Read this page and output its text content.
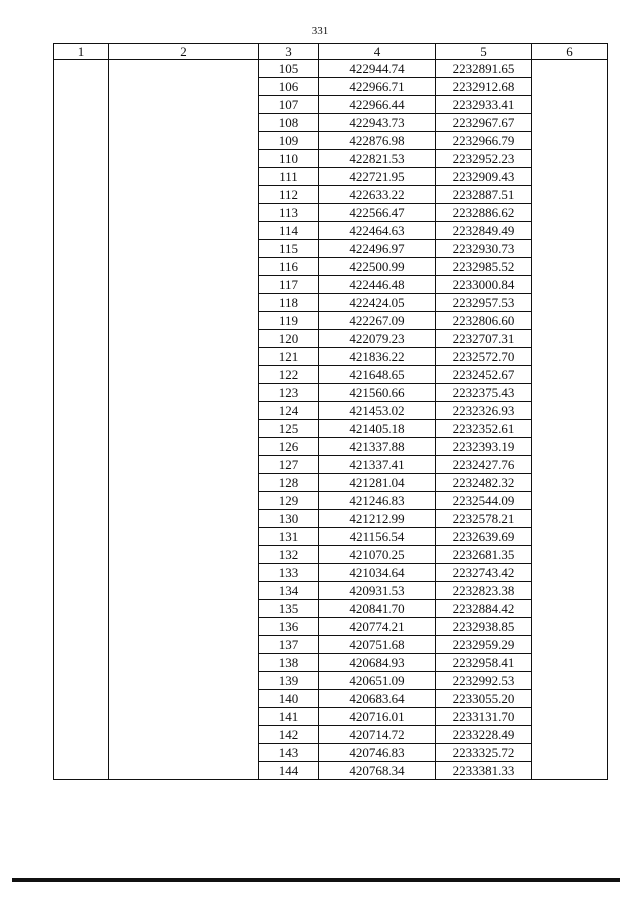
331
1	2	3	4	5	6
		105	422944.74	2232891.65	
		106	422966.71	2232912.68	
		107	422966.44	2232933.41	
		108	422943.73	2232967.67	
		109	422876.98	2232966.79	
		110	422821.53	2232952.23	
		111	422721.95	2232909.43	
		112	422633.22	2232887.51	
		113	422566.47	2232886.62	
		114	422464.63	2232849.49	
		115	422496.97	2232930.73	
		116	422500.99	2232985.52	
		117	422446.48	2233000.84	
		118	422424.05	2232957.53	
		119	422267.09	2232806.60	
		120	422079.23	2232707.31	
		121	421836.22	2232572.70	
		122	421648.65	2232452.67	
		123	421560.66	2232375.43	
		124	421453.02	2232326.93	
		125	421405.18	2232352.61	
		126	421337.88	2232393.19	
		127	421337.41	2232427.76	
		128	421281.04	2232482.32	
		129	421246.83	2232544.09	
		130	421212.99	2232578.21	
		131	421156.54	2232639.69	
		132	421070.25	2232681.35	
		133	421034.64	2232743.42	
		134	420931.53	2232823.38	
		135	420841.70	2232884.42	
		136	420774.21	2232938.85	
		137	420751.68	2232959.29	
		138	420684.93	2232958.41	
		139	420651.09	2232992.53	
		140	420683.64	2233055.20	
		141	420716.01	2233131.70	
		142	420714.72	2233228.49	
		143	420746.83	2233325.72	
		144	420768.34	2233381.33	
